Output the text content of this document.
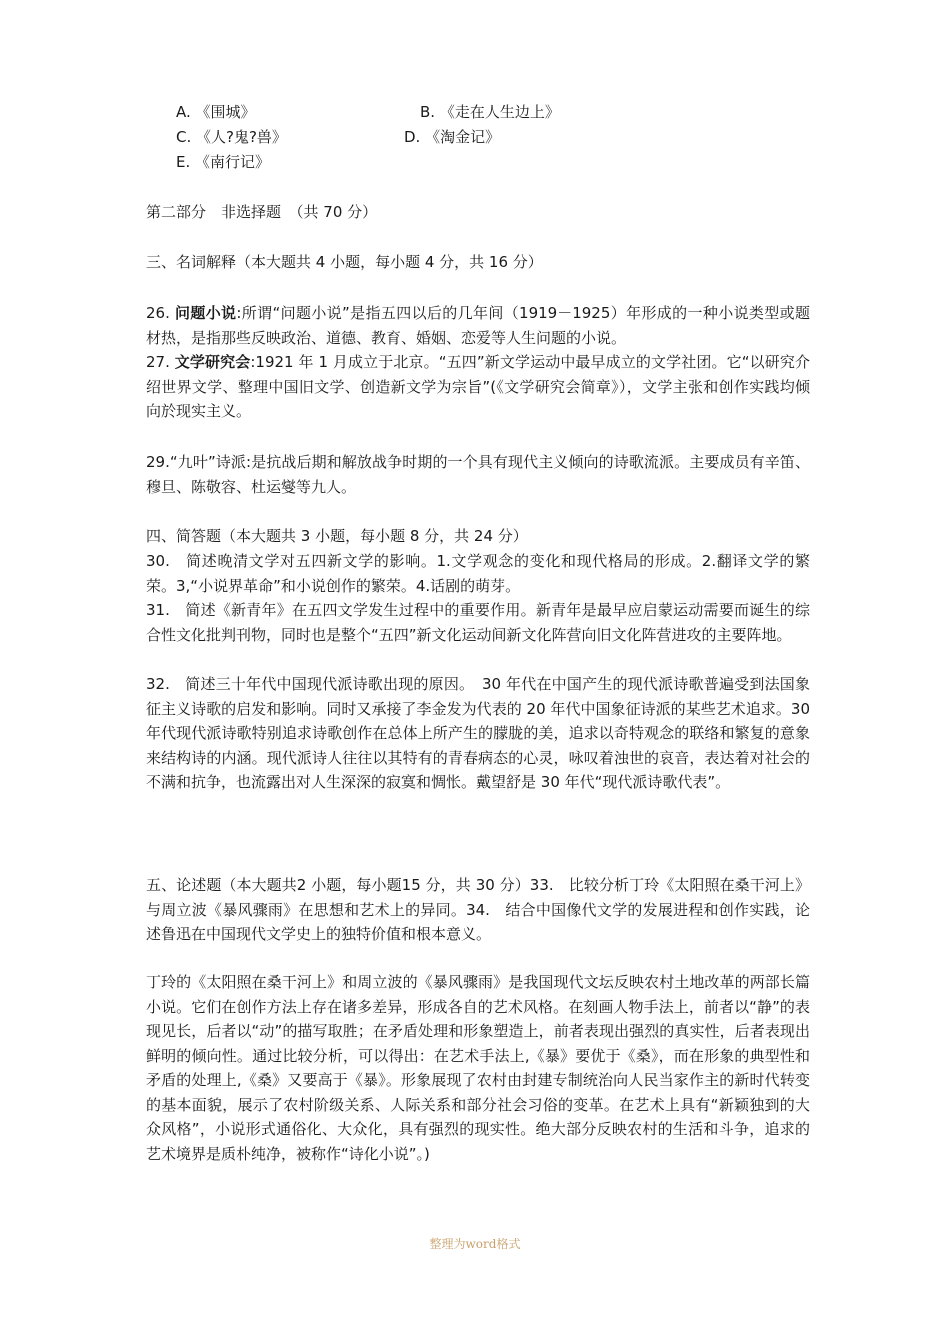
A. 《围城》	B. 《走在人生边上》
C. 《人?鬼?兽》	D. 《淘金记》
E. 《南行记》
第二部分　非选择题　（共 70 分）
三、名词解释（本大题共 4 小题，每小题 4 分，共 16 分）
26. 问题小说:所谓“问题小说”是指五四以后的几年间（1919－1925）年形成的一种小说类型或题材热，是指那些反映政治、道德、教育、婚姻、恋爱等人生问题的小说。
27. 文学研究会:1921 年 1 月成立于北京。“五四”新文学运动中最早成立的文学社团。它“以研究介绍世界文学、整理中国旧文学、创造新文学为宗旨”(《文学研究会简章》），文学主张和创作实践均倾向於现实主义。
29.“九叶”诗派:是抗战后期和解放战争时期的一个具有现代主义倾向的诗歌流派。主要成员有辛笛、穆旦、陈敬容、杜运燮等九人。
四、简答题（本大题共 3 小题，每小题 8 分，共 24 分）
30.　简述晚清文学对五四新文学的影响。1.文学观念的变化和现代格局的形成。2.翻译文学的繁荣。3,“小说界革命”和小说创作的繁荣。4.话剧的萌芽。
31.　简述《新青年》在五四文学发生过程中的重要作用。新青年是最早应启蒙运动需要而诞生的综合性文化批判刊物，同时也是整个“五四”新文化运动间新文化阵营向旧文化阵营进攻的主要阵地。
32.　简述三十年代中国现代派诗歌出现的原因。　30 年代在中国产生的现代派诗歌普遍受到法国象征主义诗歌的启发和影响。同时又承接了李金发为代表的 20 年代中国象征诗派的某些艺术追求。30 年代现代派诗歌特别追求诗歌创作在总体上所产生的朦胧的美，追求以奇特观念的联络和繁复的意象来结构诗的内涵。现代派诗人往往以其特有的青春病态的心灵，咏叹着浊世的哀音，表达着对社会的不满和抗争，也流露出对人生深深的寂寞和惆怅。戴望舒是 30 年代“现代派诗歌代表”。
五、论述题（本大题共2 小题，每小题15 分，共 30 分）33.　比较分析丁玲《太阳照在桑干河上》与周立波《暴风骤雨》在思想和艺术上的异同。34.　结合中国像代文学的发展进程和创作实践，论述鲁迅在中国现代文学史上的独特价值和根本意义。
丁玲的《太阳照在桑干河上》和周立波的《暴风骤雨》是我国现代文坛反映农村土地改革的两部长篇小说。它们在创作方法上存在诸多差异，形成各自的艺术风格。在刻画人物手法上，前者以“静”的表现见长，后者以“动”的描写取胜；在矛盾处理和形象塑造上，前者表现出强烈的真实性，后者表现出鲜明的倾向性。通过比较分析，可以得出：在艺术手法上,《暴》要优于《桑》，而在形象的典型性和矛盾的处理上,《桑》又要高于《暴》。形象展现了农村由封建专制统治向人民当家作主的新时代转变的基本面貌，展示了农村阶级关系、人际关系和部分社会习俗的变革。在艺术上具有“新颖独到的大众风格”，小说形式通俗化、大众化，具有强烈的现实性。绝大部分反映农村的生活和斗争，追求的艺术境界是质朴纯净，被称作“诗化小说”。)
整理为word格式
